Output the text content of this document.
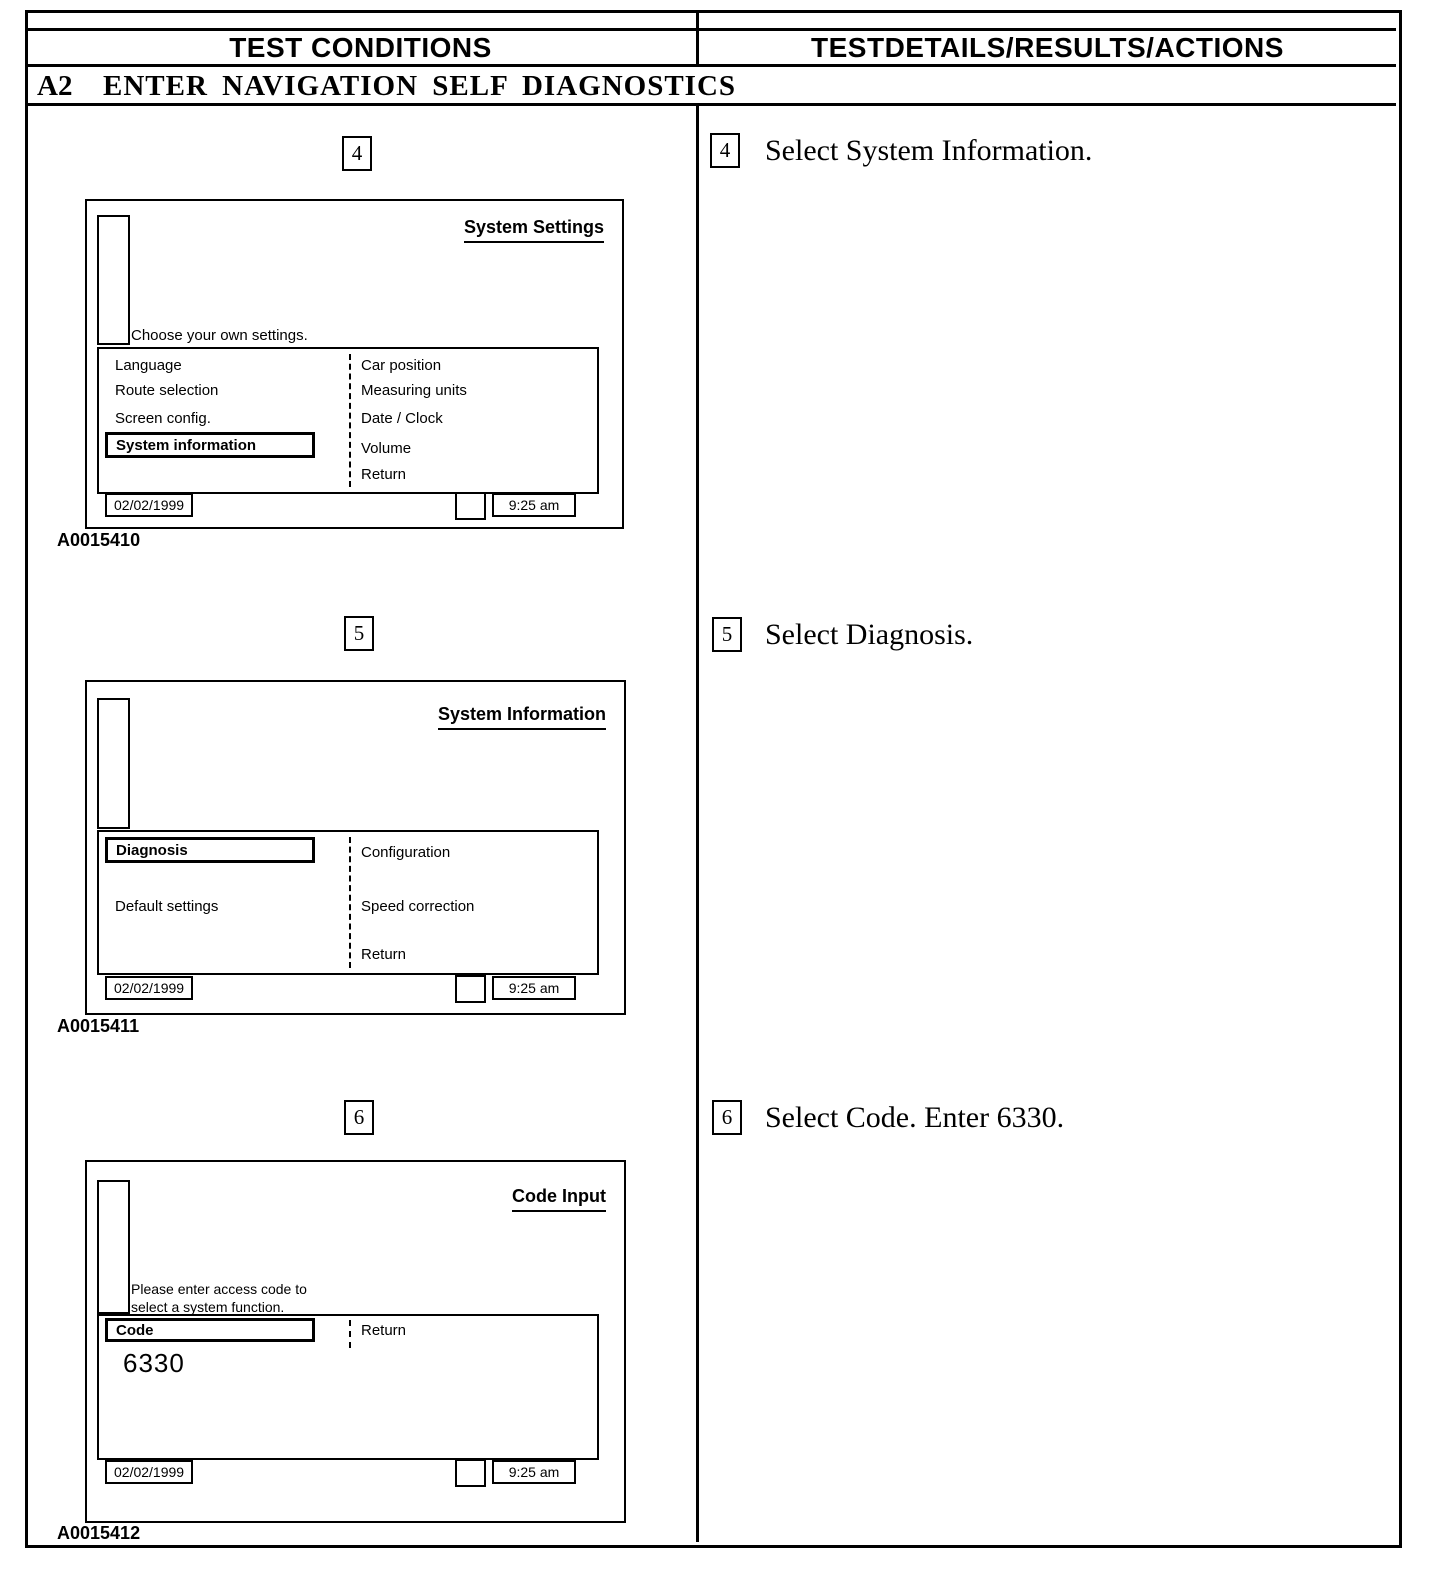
TEST CONDITIONS	TESTDETAILS/RESULTS/ACTIONS
A2 ENTER NAVIGATION SELF DIAGNOSTICS
4
System Settings
Choose your own settings.
Language
Route selection
Screen config.
System information
Car position
Measuring units
Date / Clock
Volume
Return
02/02/1999	9:25 am
A0015410
5
System Information
Diagnosis
Default settings
Configuration
Speed correction
Return
02/02/1999	9:25 am
A0015411
6
Code Input
Please enter access code to
select a system function.
Code
6330
Return
02/02/1999	9:25 am
A0015412
4	Select System Information.
5	Select Diagnosis.
6	Select Code. Enter 6330.
